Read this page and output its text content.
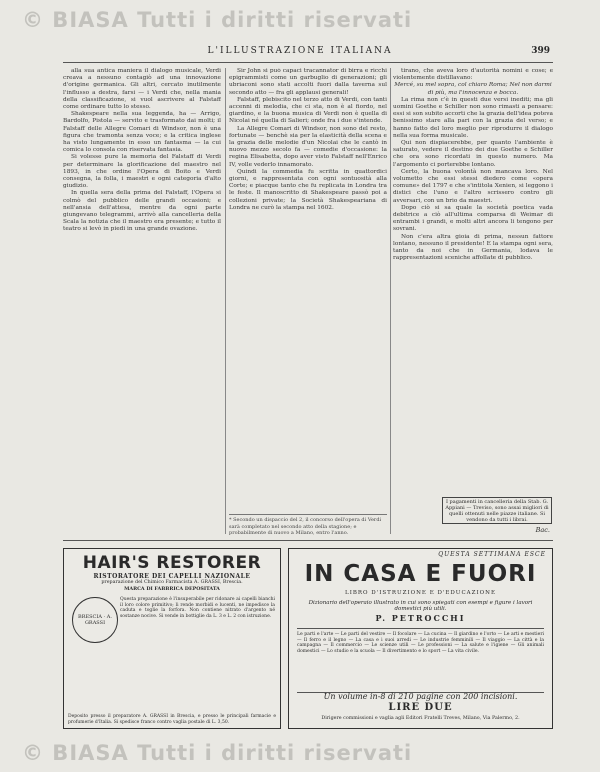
© BIASA Tutti i diritti riservati
L'ILLUSTRAZIONE ITALIANA	399

alla sua antica maniera il dialogo musicale, Verdi creava a nessuno contagiò ad una innovazione d'origine germanica. Gli altri, cercato inutilmente l'influsso a destra, farsi — i Verdi che, nella mania della classificazione, si vuol ascrivere al Falstaff come ordinare tutto lo stesso.

Shakespeare nella sua leggenda, ha — Arrigo, Bardolfo, Pistola — servito e trasformato dai molti; il Falstaff delle Allegre Comari di Windsor, non è una figura che tramonta senza voce; e la critica inglese ha visto lungamente in esso un fantasma — la cui comica lo consola con riservata fantasia.

Si volesse pure la memoria del Falstaff di Verdi per determinare la glorificazione del maestro nel 1893, in che ordine l'Opera di Boito e Verdi consegna, la folla, i maestri e ogni categoria d'alto giudizio.

In quella sera della prima del Falstaff, l'Opera si colmò del pubblico delle grandi occasioni; e nell'ansia dell'attesa, mentre da ogni parte giungevano telegrammi, arrivò alla cancelleria della Scala la notizia che il maestro era presente; e tutto il teatro si levò in piedi in una grande ovazione.

Sir John si può capaci tracannator di birra e ricchi epigrammisti come un garbuglio di generazioni; gli ubriaconi sono stati accolti fuori dalla taverna sul secondo atto — fra gli applausi generali!

Falstaff, plebiscito nel terzo atto di Verdi, con tanti accenni di melodia, che ci sta, non è al fiordo, nel giardino, e la buona musica di Verdi non è quella di Nicolai né quella di Salieri; onde fra i due s'intende.

La Allegre Comari di Windsor, non sono del resto, fortunate — benchè sia per la elasticità della scena e la grazia delle melodie d'un Nicolai che le cantò in nuovo mezzo secolo fa — comedie d'occasione: la regina Elisabetta, dopo aver visto Falstaff nell'Enrico IV, volle vederlo innamorato.

Quindi la commedia fu scritta in quattordici giorni, e rappresentata con ogni sontuosità alla Corte; e piacque tanto che fu replicata in Londra tra le feste. Il manoscritto di Shakespeare passò poi a collezioni private; la Società Shakespeariana di Londra ne curò la stampa nel 1602.

tirano, che aveva loro d'autorità nomini e cose; e violentemente distillavano:

Mercé, su mel sopra, col chiaro Roma; Nel non darmi di più, ma l'innocenza e bocca.

La rima non c'è in questi due versi inediti; ma gli uomini Goethe e Schiller non sono rimasti a pensare: essi si son subito accorti che la grazia dell'idea poteva benissimo stare alla pari con la grazia del verso; e hanno fatto del loro meglio per riprodurre il dialogo nella sua forma musicale.

Qui non dispiacerebbe, per quanto l'ambiente è saturato, vedere il destino dei due Goethe e Schiller che ora sono ricordati in questo numero. Ma l'argomento ci porterebbe lontano.

Certo, la buona volontà non mancava loro. Nel volumetto che essi stessi diedero come «opera comune» del 1797 e che s'intitola Xenien, si leggono i distici che l'uno e l'altro scrissero contro gli avversari, con un brio da maestri.

Dopo ciò si sa quale la società poetica vada debitrice a ciò all'ultima comparsa di Weimar di entrambi i grandi, e molti altri ancora li tengono per sovrani.

Non c'era altra gioia di prima, nessun fattore lontano, nessuno il presidente! E la stampa ogni sera, tanto da noi che in Germania, lodava le rappresentazioni sceniche affollate di pubblico.

* Secondo un dispaccio del 2, il concorso dell'opera di Verdi sarà completato nel secondo atto della stagione; e probabilmente di nuovo a Milano, entro l'anno.
I pagamenti in cancelleria della Stab. G. Appiani — Treviso, sono assai migliori di quelli ottenuti nelle piazze italiane. Si vendono da tutti i librai.
Bac.
HAIR'S RESTORER
RISTORATORE DEI CAPELLI NAZIONALE
preparazione del Chimico Farmacista A. GRASSI, Brescia.
MARCA DI FABBRICA DEPOSITATA
BRESCIA · A. GRASSI
Questa preparazione è l'insuperabile per ridonare ai capelli bianchi il loro colore primitivo; li rende morbidi e lucenti, ne impedisce la caduta e toglie la forfora. Non contiene nitrato d'argento né sostanze nocive. Si vende in bottiglie da L. 3 e L. 2 con istruzione.
Deposito presso il preparatore A. GRASSI in Brescia, e presso le principali farmacie e profumerie d'Italia. Si spedisce franco contro vaglia postale di L. 3,50.
QUESTA SETTIMANA ESCE
IN CASA E FUORI
LIBRO D'ISTRUZIONE E D'EDUCAZIONE
Dizionario dell'operaio illustrato in cui sono spiegati con esempi e figure i lavori domestici più utili.
P. PETROCCHI
Le parti e l'arte — Le parti del vestire — Il focolare — La cucina — Il giardino e l'orto — Le arti e mestieri — Il ferro e il legno — La casa e i suoi arredi — Le industrie femminili — Il viaggio — La città e la campagna — Il commercio — Le scienze utili — Le professioni — La salute e l'igiene — Gli animali domestici — Lo studio e la scuola — Il divertimento e lo sport — La vita civile.
Un volume in-8 di 210 pagine con 200 incisioni.
LIRE DUE
Dirigere commissioni e vaglia agli Editori Fratelli Treves, Milano, Via Palermo, 2.
© BIASA Tutti i diritti riservati
